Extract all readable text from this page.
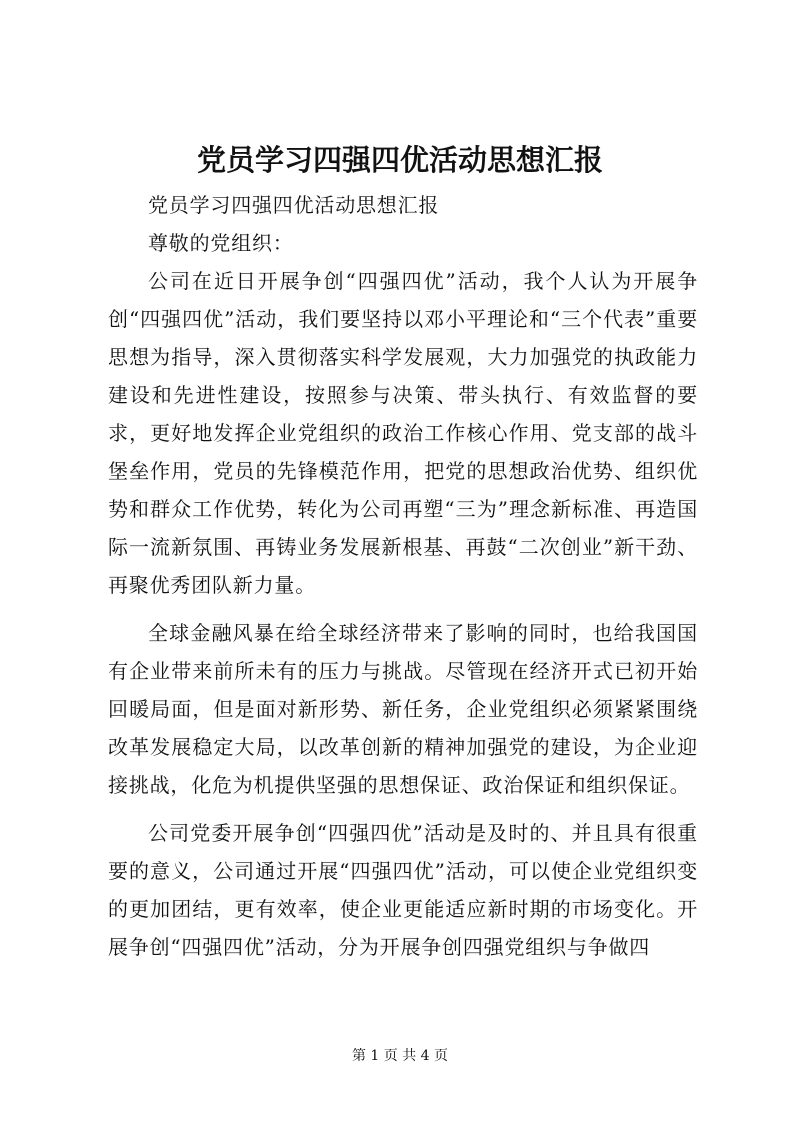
党员学习四强四优活动思想汇报

党员学习四强四优活动思想汇报

尊敬的党组织：

公司在近日开展争创“四强四优”活动，我个人认为开展争创“四强四优”活动，我们要坚持以邓小平理论和“三个代表”重要思想为指导，深入贯彻落实科学发展观，大力加强党的执政能力建设和先进性建设，按照参与决策、带头执行、有效监督的要求，更好地发挥企业党组织的政治工作核心作用、党支部的战斗堡垒作用，党员的先锋模范作用，把党的思想政治优势、组织优势和群众工作优势，转化为公司再塑“三为”理念新标准、再造国际一流新氛围、再铸业务发展新根基、再鼓“二次创业”新干劲、再聚优秀团队新力量。

全球金融风暴在给全球经济带来了影响的同时，也给我国国有企业带来前所未有的压力与挑战。尽管现在经济开式已初开始回暖局面，但是面对新形势、新任务，企业党组织必须紧紧围绕改革发展稳定大局，以改革创新的精神加强党的建设，为企业迎接挑战，化危为机提供坚强的思想保证、政治保证和组织保证。

公司党委开展争创“四强四优”活动是及时的、并且具有很重要的意义，公司通过开展“四强四优”活动，可以使企业党组织变的更加团结，更有效率，使企业更能适应新时期的市场变化。开展争创“四强四优”活动，分为开展争创四强党组织与争做四

第 1 页 共 4 页
